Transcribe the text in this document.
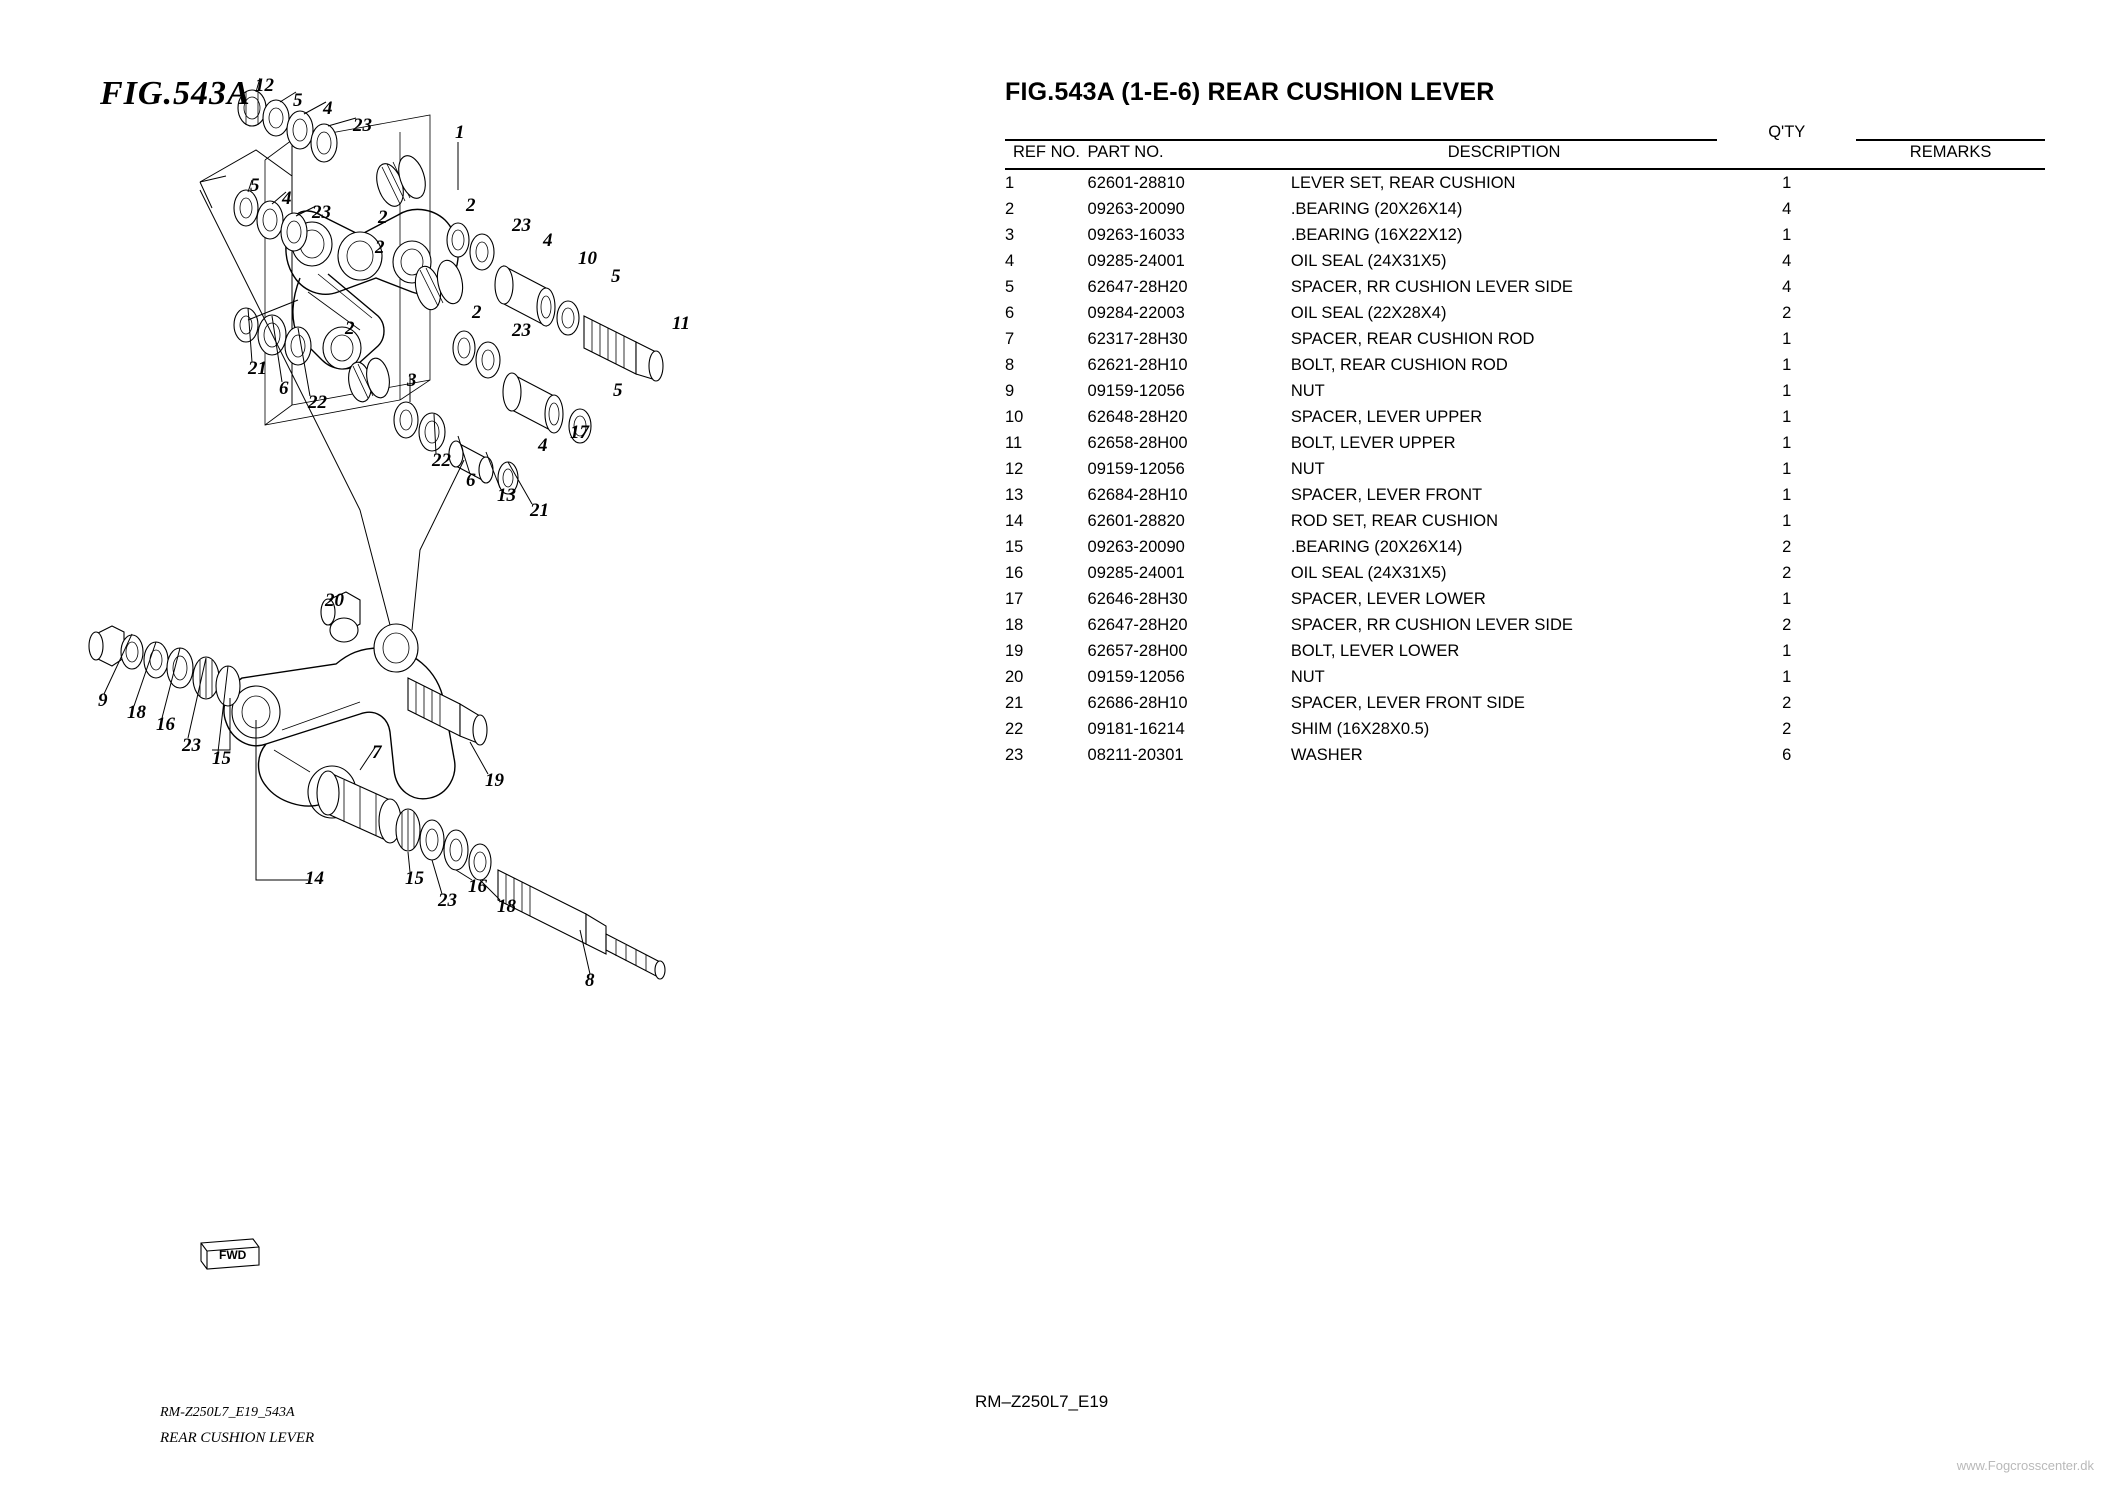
FIG.543A
FWD
RM-Z250L7_E19_543A
REAR CUSHION LEVER
12
5 4
23	1
5
4
23 2
2
23
4
10
5
2
2
11
2	23
21
6
22
3	5
4
17
22
6
13
21
20
9
18
16
23
15	7
19
14	15
23
16
18
8
RM–Z250L7_E19
www.Fogcrosscenter.dk
FIG.543A (1-E-6) REAR CUSHION LEVER

			Q'TY	

REF NO.	PART NO.	DESCRIPTION		REMARKS
1	62601-28810	LEVER SET, REAR CUSHION	1	
2	09263-20090	.BEARING (20X26X14)	4	
3	09263-16033	.BEARING (16X22X12)	1	
4	09285-24001	OIL SEAL (24X31X5)	4	
5	62647-28H20	SPACER, RR CUSHION LEVER SIDE	4	
6	09284-22003	OIL SEAL (22X28X4)	2	
7	62317-28H30	SPACER, REAR CUSHION ROD	1	
8	62621-28H10	BOLT, REAR CUSHION ROD	1	
9	09159-12056	NUT	1	
10	62648-28H20	SPACER, LEVER UPPER	1	
11	62658-28H00	BOLT, LEVER UPPER	1	
12	09159-12056	NUT	1	
13	62684-28H10	SPACER, LEVER FRONT	1	
14	62601-28820	ROD SET, REAR CUSHION	1	
15	09263-20090	.BEARING (20X26X14)	2	
16	09285-24001	OIL SEAL (24X31X5)	2	
17	62646-28H30	SPACER, LEVER LOWER	1	
18	62647-28H20	SPACER, RR CUSHION LEVER SIDE	2	
19	62657-28H00	BOLT, LEVER LOWER	1	
20	09159-12056	NUT	1	
21	62686-28H10	SPACER, LEVER FRONT SIDE	2	
22	09181-16214	SHIM (16X28X0.5)	2	
23	08211-20301	WASHER	6	
